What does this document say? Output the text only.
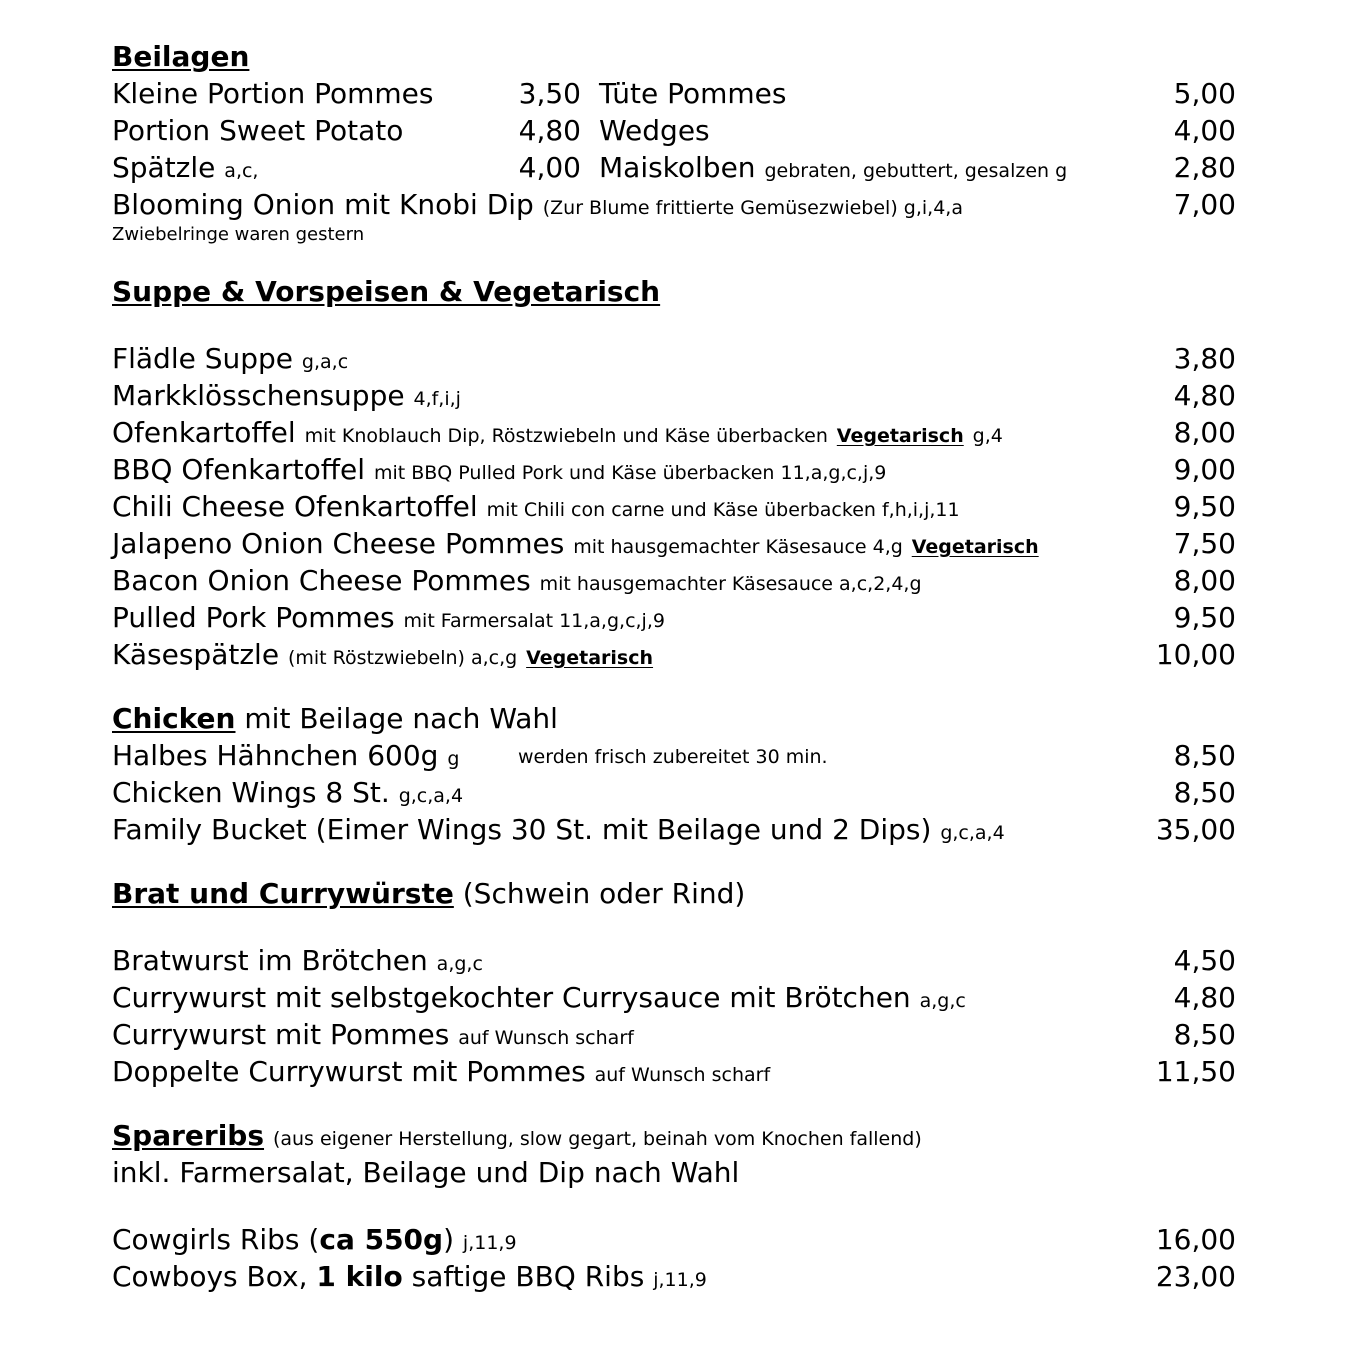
Beilagen
Kleine Portion Pommes	3,50 Tüte Pommes	5,00
Portion Sweet Potato	4,80 Wedges	4,00
Spätzle a,c,	4,00 Maiskolben gebraten, gebuttert, gesalzen g	2,80
Blooming Onion mit Knobi Dip (Zur Blume frittierte Gemüsezwiebel) g,i,4,a	7,00
Zwiebelringe waren gestern
Suppe & Vorspeisen & Vegetarisch
Flädle Suppe g,a,c	3,80
Markklösschensuppe 4,f,i,j	4,80
Ofenkartoffel mit Knoblauch Dip, Röstzwiebeln und Käse überbacken Vegetarisch g,4	8,00
BBQ Ofenkartoffel mit BBQ Pulled Pork und Käse überbacken 11,a,g,c,j,9	9,00
Chili Cheese Ofenkartoffel mit Chili con carne und Käse überbacken f,h,i,j,11	9,50
Jalapeno Onion Cheese Pommes mit hausgemachter Käsesauce 4,g Vegetarisch	7,50
Bacon Onion Cheese Pommes mit hausgemachter Käsesauce a,c,2,4,g	8,00
Pulled Pork Pommes mit Farmersalat 11,a,g,c,j,9	9,50
Käsespätzle (mit Röstzwiebeln) a,c,g Vegetarisch	10,00
Chicken mit Beilage nach Wahl
Halbes Hähnchen 600g g	werden frisch zubereitet 30 min.	8,50
Chicken Wings 8 St. g,c,a,4	8,50
Family Bucket (Eimer Wings 30 St. mit Beilage und 2 Dips) g,c,a,4	35,00
Brat und Currywürste (Schwein oder Rind)
Bratwurst im Brötchen a,g,c	4,50
Currywurst mit selbstgekochter Currysauce mit Brötchen a,g,c	4,80
Currywurst mit Pommes auf Wunsch scharf	8,50
Doppelte Currywurst mit Pommes auf Wunsch scharf	11,50
Spareribs (aus eigener Herstellung, slow gegart, beinah vom Knochen fallend)
inkl. Farmersalat, Beilage und Dip nach Wahl
Cowgirls Ribs (ca 550g) j,11,9	16,00
Cowboys Box, 1 kilo saftige BBQ Ribs j,11,9	23,00
